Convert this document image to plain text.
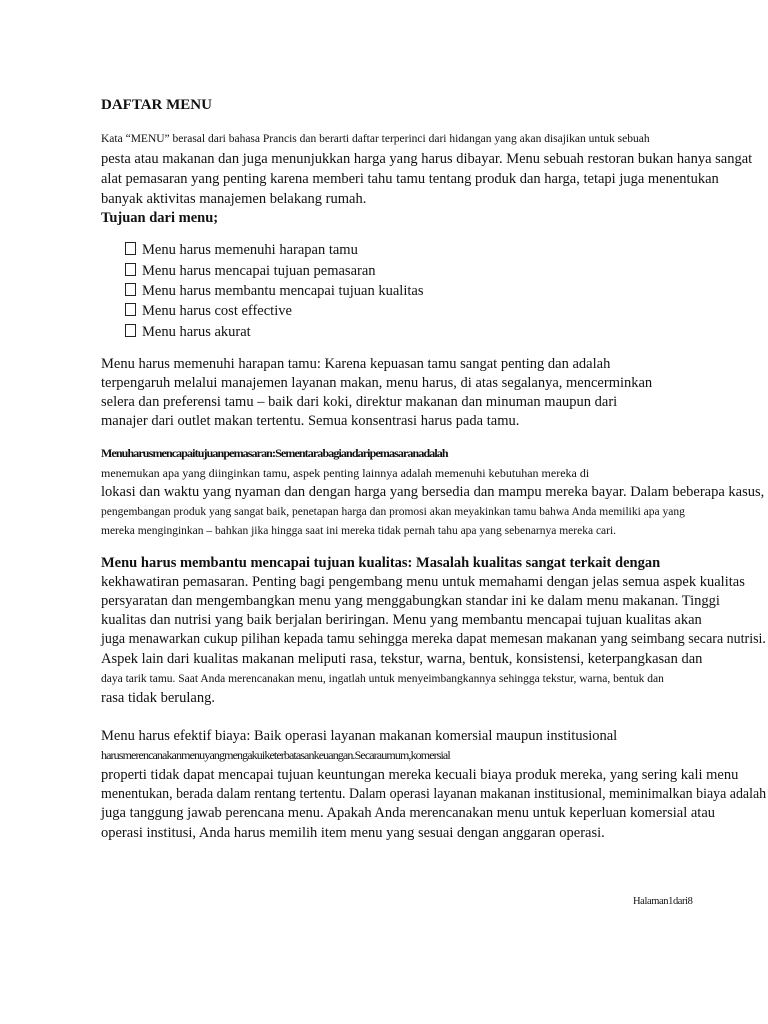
DAFTAR MENU
Kata “MENU” berasal dari bahasa Prancis dan berarti daftar terperinci dari hidangan yang akan disajikan untuk sebuah
pesta atau makanan dan juga menunjukkan harga yang harus dibayar. Menu sebuah restoran bukan hanya sangat
alat pemasaran yang penting karena memberi tahu tamu tentang produk dan harga, tetapi juga menentukan
banyak aktivitas manajemen belakang rumah.
Tujuan dari menu;
Menu harus memenuhi harapan tamu
Menu harus mencapai tujuan pemasaran
Menu harus membantu mencapai tujuan kualitas
Menu harus cost effective
Menu harus akurat
Menu harus memenuhi harapan tamu: Karena kepuasan tamu sangat penting dan adalah
terpengaruh melalui manajemen layanan makan, menu harus, di atas segalanya, mencerminkan
selera dan preferensi tamu – baik dari koki, direktur makanan dan minuman maupun dari
manajer dari outlet makan tertentu. Semua konsentrasi harus pada tamu.
Menu harus mencapai tujuan pemasaran: Sementara bagian dari pemasaran adalah
menemukan apa yang diinginkan tamu, aspek penting lainnya adalah memenuhi kebutuhan mereka di
lokasi dan waktu yang nyaman dan dengan harga yang bersedia dan mampu mereka bayar. Dalam beberapa kasus,
pengembangan produk yang sangat baik, penetapan harga dan promosi akan meyakinkan tamu bahwa Anda memiliki apa yang
mereka menginginkan – bahkan jika hingga saat ini mereka tidak pernah tahu apa yang sebenarnya mereka cari.
Menu harus membantu mencapai tujuan kualitas: Masalah kualitas sangat terkait dengan
kekhawatiran pemasaran. Penting bagi pengembang menu untuk memahami dengan jelas semua aspek kualitas
persyaratan dan mengembangkan menu yang menggabungkan standar ini ke dalam menu makanan. Tinggi
kualitas dan nutrisi yang baik berjalan beriringan. Menu yang membantu mencapai tujuan kualitas akan
juga menawarkan cukup pilihan kepada tamu sehingga mereka dapat memesan makanan yang seimbang secara nutrisi.
Aspek lain dari kualitas makanan meliputi rasa, tekstur, warna, bentuk, konsistensi, keterpangkasan dan
daya tarik tamu. Saat Anda merencanakan menu, ingatlah untuk menyeimbangkannya sehingga tekstur, warna, bentuk dan
rasa tidak berulang.
Menu harus efektif biaya: Baik operasi layanan makanan komersial maupun institusional
harus merencanakan menu yang mengakui keterbatasan keuangan. Secara umum, komersial
properti tidak dapat mencapai tujuan keuntungan mereka kecuali biaya produk mereka, yang sering kali menu
menentukan, berada dalam rentang tertentu. Dalam operasi layanan makanan institusional, meminimalkan biaya adalah
juga tanggung jawab perencana menu. Apakah Anda merencanakan menu untuk keperluan komersial atau
operasi institusi, Anda harus memilih item menu yang sesuai dengan anggaran operasi.
Halaman1dari8
